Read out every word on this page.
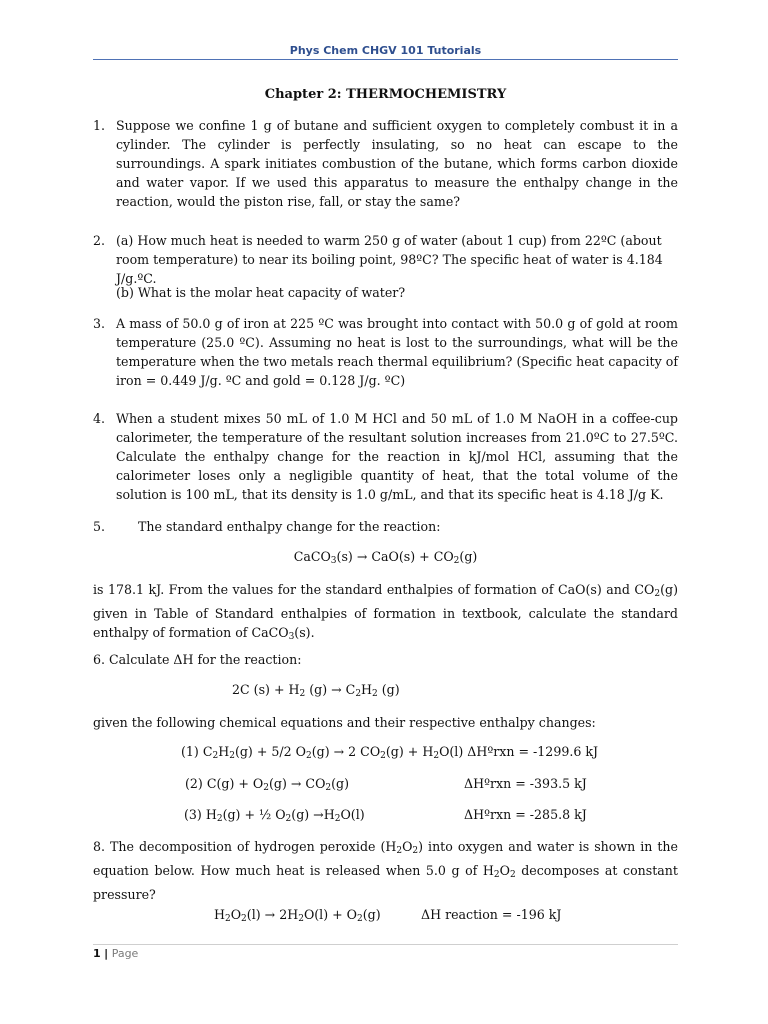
Phys Chem CHGV 101 Tutorials
Chapter 2: THERMOCHEMISTRY
1. Suppose we confine 1 g of butane and sufficient oxygen to completely combust it in a cylinder. The cylinder is perfectly insulating, so no heat can escape to the surroundings. A spark initiates combustion of the butane, which forms carbon dioxide and water vapor. If we used this apparatus to measure the enthalpy change in the reaction, would the piston rise, fall, or stay the same?
2. (a) How much heat is needed to warm 250 g of water (about 1 cup) from 22ºC (about room temperature) to near its boiling point, 98ºC? The specific heat of water is 4.184 J/g.ºC.
(b) What is the molar heat capacity of water?
3. A mass of 50.0 g of iron at 225 ºC was brought into contact with 50.0 g of gold at room temperature (25.0 ºC). Assuming no heat is lost to the surroundings, what will be the temperature when the two metals reach thermal equilibrium? (Specific heat capacity of iron = 0.449 J/g. ºC and gold = 0.128 J/g. ºC)
4. When a student mixes 50 mL of 1.0 M HCl and 50 mL of 1.0 M NaOH in a coffee-cup calorimeter, the temperature of the resultant solution increases from 21.0ºC to 27.5ºC. Calculate the enthalpy change for the reaction in kJ/mol HCl, assuming that the calorimeter loses only a negligible quantity of heat, that the total volume of the solution is 100 mL, that its density is 1.0 g/mL, and that its specific heat is 4.18 J/g K.
5.	The standard enthalpy change for the reaction:
CaCO$_3$(s) → $CaO(s) + CO_2(g)$
is 178.1 kJ. From the values for the standard enthalpies of formation of CaO(s) and $CO_2(g)$ given in Table of Standard enthalpies of formation in textbook, calculate the standard enthalpy of formation of CaCO$_3$(s).
6. Calculate ΔH for the reaction:
2C $(s) + H_2$ $(g) \to C_2H_2$ (g)
given the following chemical equations and their respective enthalpy changes:
(1) $C_2H_2(g) + 5/2$ $O_2(g) \to 2$ $CO_2(g) + H_2O(l)$ ΔHºrxn = -1299.6 kJ
(2) $C(g) + O_2(g) \to CO_2(g)$	ΔHºrxn = -393.5 kJ
(3) $H_2(g)$ + ½ $O_2(g) \to H_2O(l)$	ΔHºrxn = -285.8 kJ
8. The decomposition of hydrogen peroxide $(H_2O_2)$ into oxygen and water is shown in the equation below. How much heat is released when 5.0 g of $H_2O_2$ decomposes at constant pressure?
$H_2O_2(l) \to 2H_2O(l) + O_2(g)$	ΔH reaction = -196 kJ
1 | Page
